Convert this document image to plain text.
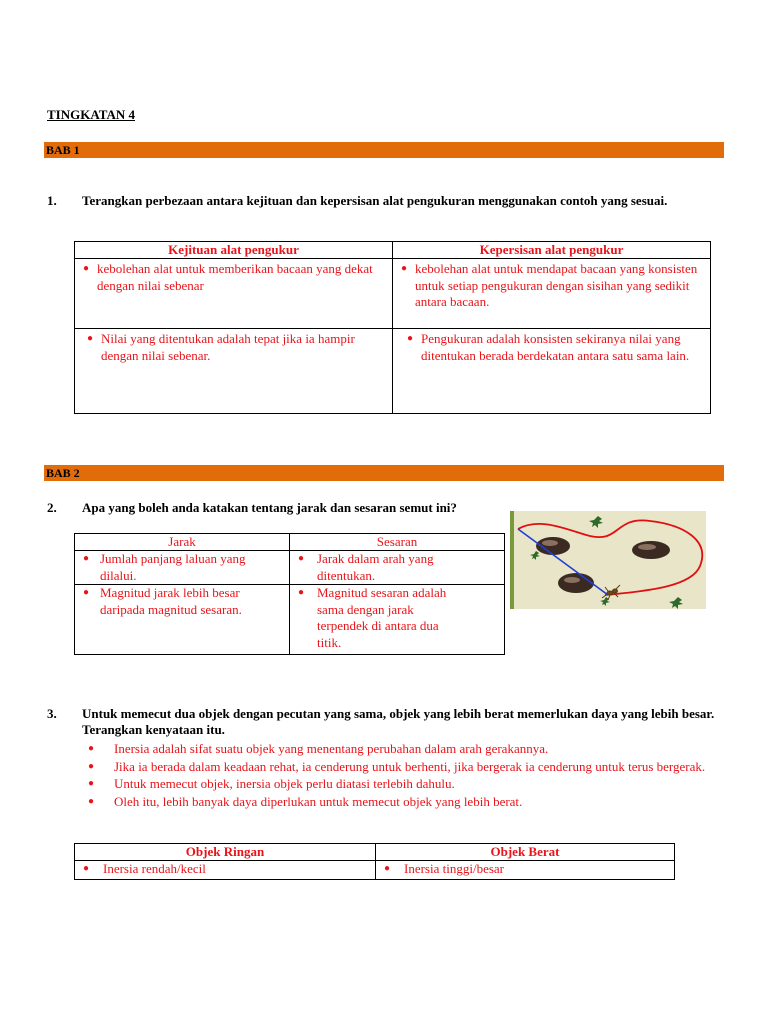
TINGKATAN 4
BAB 1
1. Terangkan perbezaan antara kejituan dan kepersisan alat pengukuran menggunakan contoh yang sesuai.
Kejituan alat pengukur	Kepersisan alat pengukur

● kebolehan alat untuk memberikan bacaan yang dekat dengan nilai sebenar	● kebolehan alat untuk mendapat bacaan yang konsisten untuk setiap pengukuran dengan sisihan yang sedikit antara bacaan.

● Nilai yang ditentukan adalah tepat jika ia hampir dengan nilai sebenar.	● Pengukuran adalah konsisten sekiranya nilai yang ditentukan berada berdekatan antara satu sama lain.
BAB 2
2. Apa yang boleh anda katakan tentang jarak dan sesaran semut ini?
Jarak	Sesaran

● Jumlah panjang laluan yang dilalui.	● Jarak dalam arah yang ditentukan.

● Magnitud jarak lebih besar daripada magnitud sesaran.	● Magnitud sesaran adalah sama dengan jarak terpendek di antara dua titik.
3. Untuk memecut dua objek dengan pecutan yang sama, objek yang lebih berat memerlukan daya yang lebih besar. Terangkan kenyataan itu.
●	Inersia adalah sifat suatu objek yang menentang perubahan dalam arah gerakannya.
●	Jika ia berada dalam keadaan rehat, ia cenderung untuk berhenti, jika bergerak ia cenderung untuk terus bergerak.
●	Untuk memecut objek, inersia objek perlu diatasi terlebih dahulu.
●	Oleh itu, lebih banyak daya diperlukan untuk memecut objek yang lebih berat.
Objek Ringan	Objek Berat

● Inersia rendah/kecil	● Inersia tinggi/besar
